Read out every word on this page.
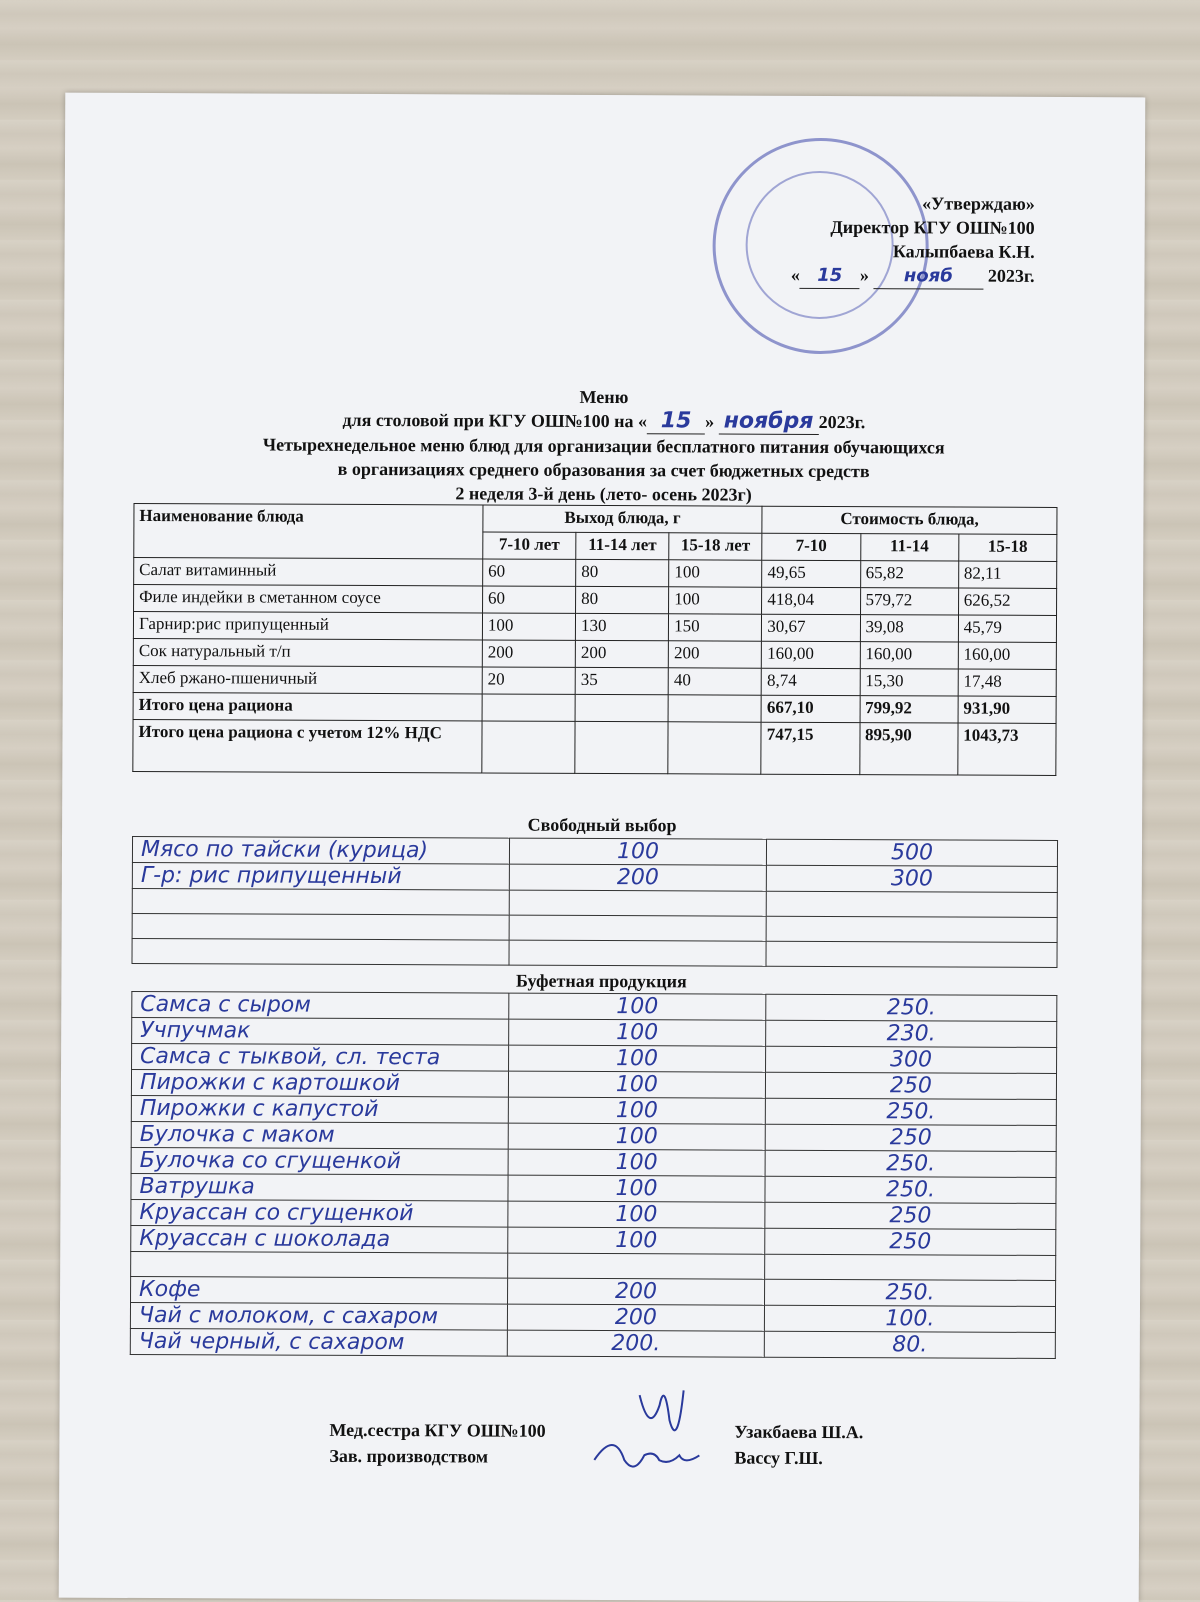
«Утверждаю»
Директор КГУ ОШ№100
Калыпбаева К.Н.
« 15 » нояб 2023г.
Меню
для столовой при КГУ ОШ№100 на « 15 » ноября 2023г.
Четырехнедельное меню блюд для организации бесплатного питания обучающихся
в организациях среднего образования за счет бюджетных средств
2 неделя 3-й день (лето- осень 2023г)
Наименование блюда	Выход блюда, г			Стоимость блюда,		
	7-10 лет	11-14 лет	15-18 лет	7-10	11-14	15-18
Салат витаминный	60	80	100	49,65	65,82	82,11
Филе индейки в сметанном соусе	60	80	100	418,04	579,72	626,52
Гарнир:рис припущенный	100	130	150	30,67	39,08	45,79
Сок натуральный т/п	200	200	200	160,00	160,00	160,00
Хлеб ржано-пшеничный	20	35	40	8,74	15,30	17,48
Итого цена рациона				667,10	799,92	931,90
Итого цена рациона с учетом 12% НДС				747,15	895,90	1043,73
Свободный выбор
Мясо по тайски (курица)	100	500
Г-р: рис припущенный	200	300

Буфетная продукция
Самса с сыром	100	250.
Учпучмак	100	230.
Самса с тыквой, сл. теста	100	300
Пирожки с картошкой	100	250
Пирожки с капустой	100	250.
Булочка с маком	100	250
Булочка со сгущенкой	100	250.
Ватрушка	100	250.
Круассан со сгущенкой	100	250
Круассан с шоколада	100	250

Кофе	200	250.
Чай с молоком, с сахаром	200	100.
Чай черный, с сахаром	200.	80.
Мед.сестра КГУ ОШ№100
Зав. производством
Узакбаева Ш.А.
Вассу Г.Ш.
